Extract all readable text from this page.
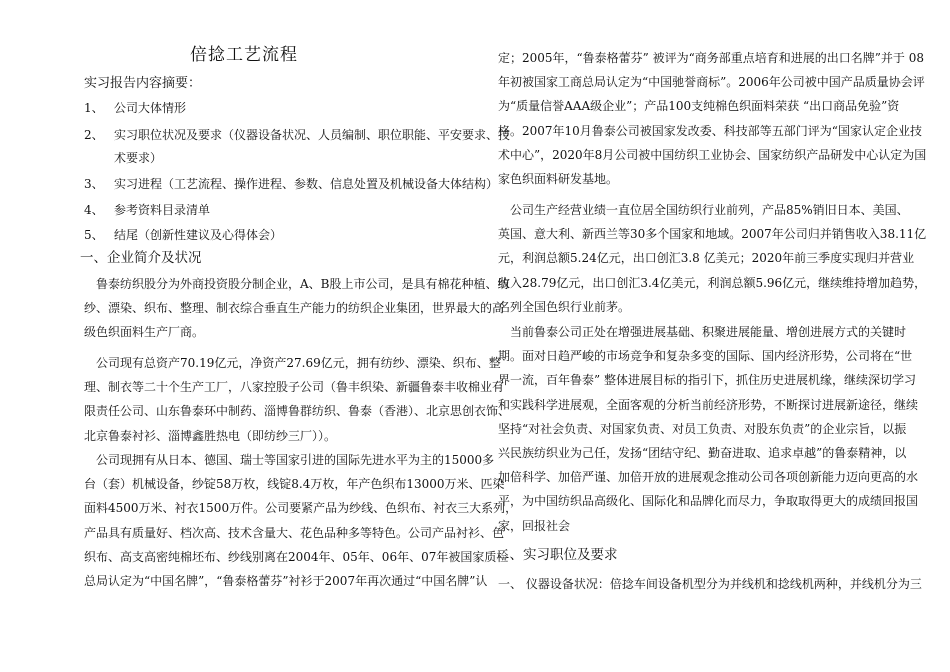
倍捻工艺流程
实习报告内容摘要：
1、 公司大体情形
2、 实习职位状况及要求（仪器设备状况、人员编制、职位职能、平安要求、技
术要求）
3、 实习进程（工艺流程、操作进程、参数、信息处置及机械设备大体结构）
4、 参考资料目录清单
5、 结尾（创新性建议及心得体会）
一、企业简介及状况
　鲁泰纺织股分为外商投资股分制企业，A、B股上市公司，是具有棉花种植、纺
纱、漂染、织布、整理、制衣综合垂直生产能力的纺织企业集团，世界最大的高
级色织面料生产厂商。
　公司现有总资产70.19亿元，净资产27.69亿元，拥有纺纱、漂染、织布、整
理、制衣等二十个生产工厂，八家控股子公司（鲁丰织染、新疆鲁泰丰收棉业有
限责任公司、山东鲁泰环中制药、淄博鲁群纺织、鲁泰（香港）、北京思创衣饰、
北京鲁泰衬衫、淄博鑫胜热电（即纺纱三厂））。
　公司现拥有从日本、德国、瑞士等国家引进的国际先进水平为主的15000多
台（套）机械设备，纱锭58万枚，线锭8.4万枚，年产色织布13000万米、匹染
面料4500万米、衬衣1500万件。公司要紧产品为纱线、色织布、衬衣三大系列，
产品具有质量好、档次高、技术含量大、花色品种多等特色。公司产品衬衫、色
织布、高支高密纯棉坯布、纱线别离在2004年、05年、06年、07年被国家质检
总局认定为“中国名牌”，“鲁泰格蕾芬”衬衫于2007年再次通过“中国名牌”认
定；2005年，“鲁泰格蕾芬” 被评为“商务部重点培育和进展的出口名牌”并于 08
年初被国家工商总局认定为“中国驰誉商标”。2006年公司被中国产品质量协会评
为“质量信誉AAA级企业”；产品100支纯棉色织面料荣获 “出口商品免验”资
格。2007年10月鲁泰公司被国家发改委、科技部等五部门评为“国家认定企业技
术中心”，2020年8月公司被中国纺织工业协会、国家纺织产品研发中心认定为国
家色织面料研发基地。
　公司生产经营业绩一直位居全国纺织行业前列，产品85%销旧日本、美国、
英国、意大利、新西兰等30多个国家和地域。2007年公司归并销售收入38.11亿
元，利润总额5.24亿元，出口创汇3.8 亿美元；2020年前三季度实现归并营业
收入28.79亿元，出口创汇3.4亿美元，利润总额5.96亿元，继续维持增加趋势，
名列全国色织行业前茅。
　当前鲁泰公司正处在增强进展基础、积聚进展能量、增创进展方式的关键时
期。面对日趋严峻的市场竞争和复杂多变的国际、国内经济形势，公司将在“世
界一流，百年鲁泰” 整体进展目标的指引下，抓住历史进展机缘，继续深切学习
和实践科学进展观，全面客观的分析当前经济形势，不断探讨进展新途径，继续
坚持“对社会负责、对国家负责、对员工负责、对股东负责”的企业宗旨，以振
兴民族纺织业为己任，发扬“团结守纪、勤奋进取、追求卓越”的鲁泰精神，以
加倍科学、加倍严谨、加倍开放的进展观念推动公司各项创新能力迈向更高的水
平，为中国纺织品高级化、国际化和品牌化而尽力，争取取得更大的成绩回报国
家，回报社会
二、实习职位及要求
一、 仪器设备状况：倍捻车间设备机型分为并线机和捻线机两种，并线机分为三
